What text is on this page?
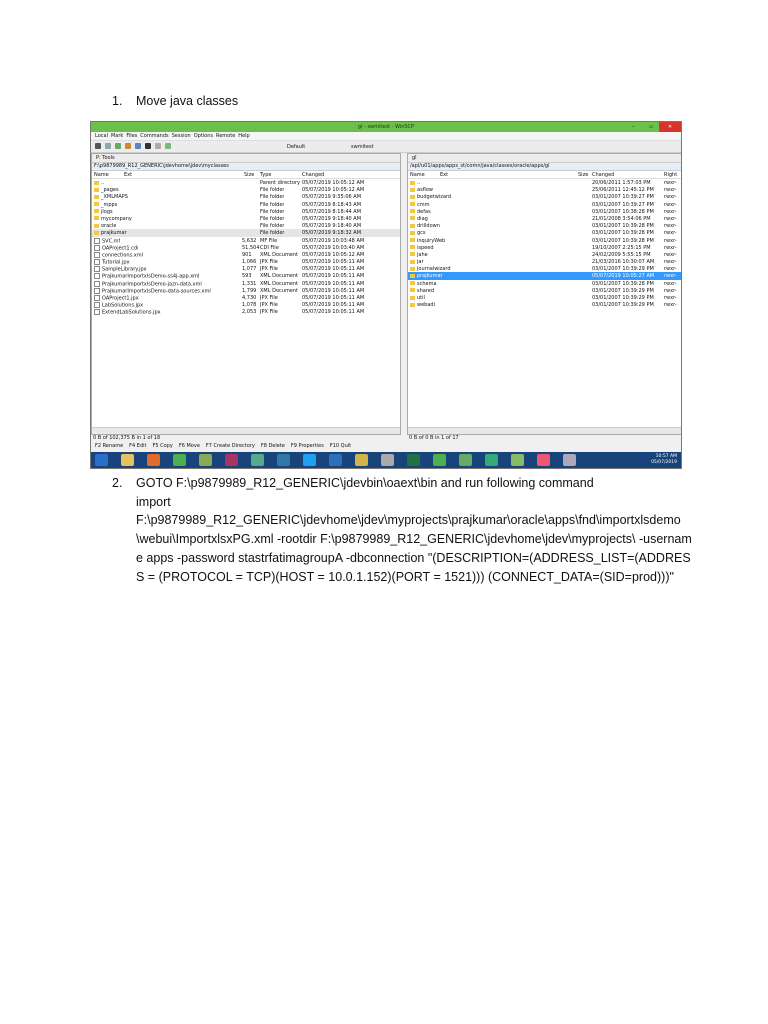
1. Move java classes
gl - swmitest - WinSCP	–	▫	✕
Local Mark Files Commands Session Options Remote Help
Default	swmitest
P: Tools
F:\p9879989_R12_GENERIC\jdevhome\jdev\myclasses
Name	Ext	Size Type	Changed
..	Parent directory 05/07/2019 10:05:12 AM
_pages	File folder	05/07/2019 10:05:12 AM
_XMLMAPS	File folder	05/07/2019 9:35:06 AM
_mpps	File folder	05/07/2019 8:18:43 AM
jlogs	File folder	05/07/2019 8:18:44 AM
mycompany	File folder	05/07/2019 9:18:40 AM
oracle	File folder	05/07/2019 9:18:40 AM
prajkumar	File folder	05/07/2019 9:18:32 AM
SVC.mf	5,632 MF File	05/07/2019 10:03:48 AM
OAProject1.cdi	51,504 CDI File	05/07/2019 10:03:40 AM
connections.xml	901 XML Document 05/07/2019 10:05:12 AM
Tutorial.jpx	1,066 JPX File	05/07/2019 10:05:11 AM
SampleLibrary.jpx	1,077 JPX File	05/07/2019 10:05:11 AM
PrajkumarImportxlsDemo-ss4j-app.xml	593 XML Document 05/07/2019 10:05:11 AM
PrajkumarImportxlsDemo-jazn-data.xml	1,331 XML Document 05/07/2019 10:05:11 AM
PrajkumarImportxlsDemo-data-sources.xml	1,799 XML Document 05/07/2019 10:05:11 AM
OAProject1.jpx	4,730 JPX File	05/07/2019 10:05:11 AM
LabSolutions.jpx	1,078 JPX File	05/07/2019 10:05:11 AM
ExtendLabSolutions.jpx	2,053 JPX File	05/07/2019 10:05:11 AM
gl
/apl/u01/apps/apps_st/comn/java/classes/oracle/apps/gl
Name	Ext	Size Changed	Right
..	20/06/2011 1:57:03 PM	rwxr-
asflow	25/06/2011 12:45:12 PM rwxr-
budgetwizard	03/01/2007 10:39:27 PM rwxr-
cmm	03/01/2007 10:39:27 PM rwxr-
defas	03/01/2007 10:38:28 PM rwxr-
diag	21/01/2008 3:54:06 PM	rwxr-
drilldown	03/01/2007 10:39:28 PM rwxr-
gcs	03/01/2007 10:39:28 PM rwxr-
inquiryWeb	03/01/2007 10:39:28 PM rwxr-
ispeed	19/10/2007 2:25:15 PM	rwxr-
jahe	24/02/2009 5:55:15 PM	rwxr-
jar	21/03/2016 10:30:07 AM rwxr-
journalwizard	03/01/2007 10:39:29 PM rwxr-
prajkumar	05/07/2019 10:05:27 AM rwxr-
schema	03/01/2007 10:39:28 PM rwxr-
shared	03/01/2007 10:39:29 PM rwxr-
util	03/01/2007 10:39:29 PM rwxr-
webadi	03/01/2007 10:39:29 PM rwxr-
0 B of 102,375 B in 1 of 18	0 B of 0 B in 1 of 17
F2 Rename F4 Edit F5 Copy F6 Move F7 Create Directory F8 Delete F9 Properties F10 Quit
10:57 AM
05/07/2019
2. GOTO F:\p9879989_R12_GENERIC\jdevbin\oaext\bin and run following command
import
F:\p9879989_R12_GENERIC\jdevhome\jdev\myprojects\prajkumar\oracle\apps\fnd\importxlsdemo\webui\ImportxlsxPG.xml -rootdir F:\p9879989_R12_GENERIC\jdevhome\jdev\myprojects\ -username apps -password stastrfatimagroupA -dbconnection "(DESCRIPTION=(ADDRESS_LIST=(ADDRESS = (PROTOCOL = TCP)(HOST = 10.0.1.152)(PORT = 1521))) (CONNECT_DATA=(SID=prod)))"
